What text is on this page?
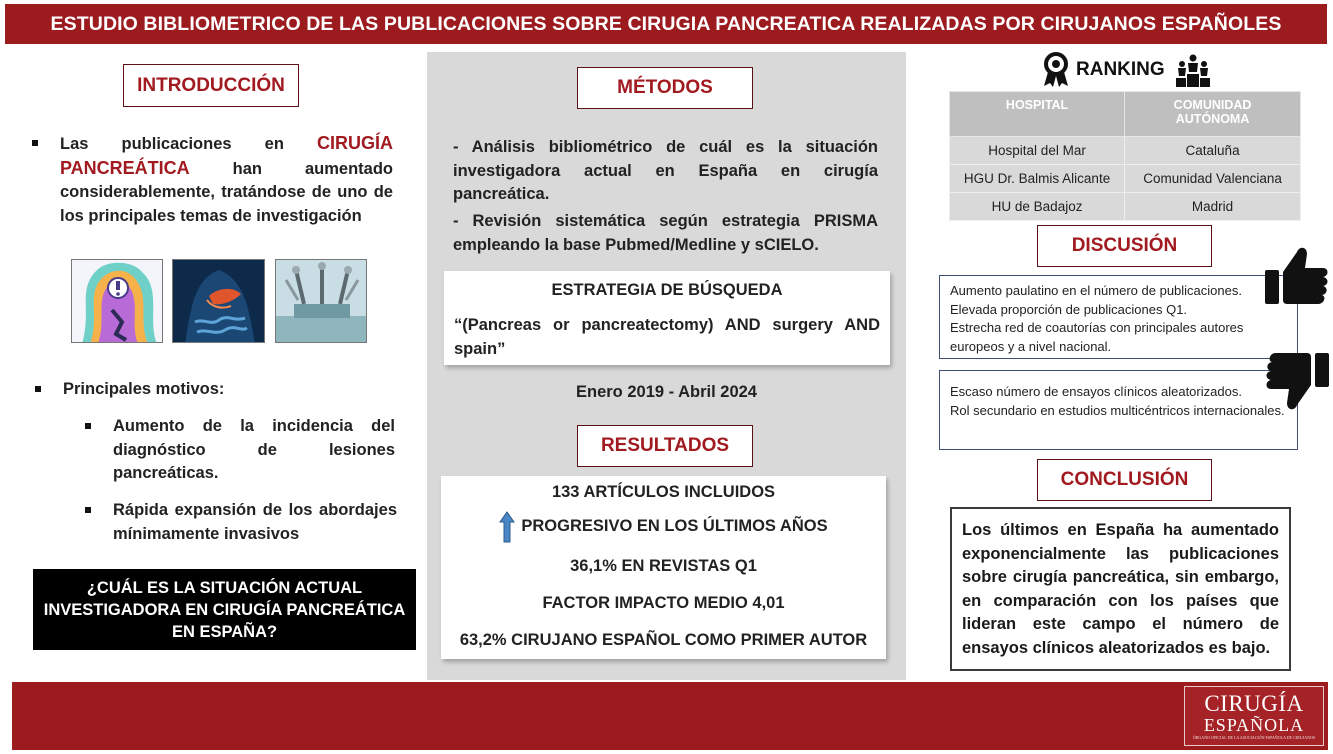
ESTUDIO BIBLIOMETRICO DE LAS PUBLICACIONES SOBRE CIRUGIA PANCREATICA REALIZADAS POR CIRUJANOS ESPAÑOLES
INTRODUCCIÓN
Las publicaciones en CIRUGÍA PANCREÁTICA	han aumentado considerablemente, tratándose de uno de los principales temas de investigación
Principales motivos:
Aumento de la incidencia del diagnóstico de lesiones pancreáticas.
Rápida expansión de los abordajes mínimamente invasivos
¿CUÁL ES LA SITUACIÓN ACTUAL INVESTIGADORA EN CIRUGÍA PANCREÁTICA EN ESPAÑA?
MÉTODOS
- Análisis bibliométrico de cuál es la situación investigadora actual en España en cirugía pancreática.
- Revisión sistemática según estrategia PRISMA empleando la base Pubmed/Medline y sCIELO.
ESTRATEGIA DE BÚSQUEDA
“(Pancreas or pancreatectomy) AND surgery AND spain”
Enero 2019 - Abril 2024
RESULTADOS
133 ARTÍCULOS INCLUIDOS
PROGRESIVO EN LOS ÚLTIMOS AÑOS
36,1% EN REVISTAS Q1
FACTOR IMPACTO MEDIO 4,01
63,2% CIRUJANO ESPAÑOL COMO PRIMER AUTOR
RANKING
HOSPITAL	COMUNIDAD AUTÓNOMA
Hospital del Mar	Cataluña
HGU Dr. Balmis Alicante	Comunidad Valenciana
HU de Badajoz	Madrid
DISCUSIÓN
Aumento paulatino en el número de publicaciones.
Elevada proporción de publicaciones Q1.
Estrecha red de coautorías con principales autores europeos y a nivel nacional.
Escaso número de ensayos clínicos aleatorizados.
Rol secundario en estudios multicéntricos internacionales.
CONCLUSIÓN
Los últimos en España ha aumentado exponencialmente las publicaciones sobre cirugía pancreática, sin embargo, en comparación con los países que lideran este campo el número de ensayos clínicos aleatorizados es bajo.
CIRUGÍA
ESPAÑOLA
ÓRGANO OFICIAL DE LA ASOCIACIÓN ESPAÑOLA DE CIRUJANOS
